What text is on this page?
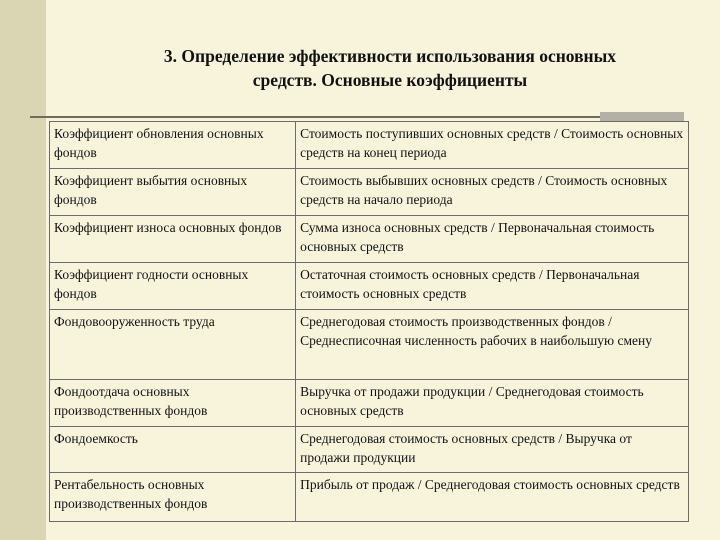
3. Определение эффективности использования основных
средств. Основные коэффициенты
Коэффициент обновления основных фондов	Стоимость поступивших основных средств / Стоимость основных средств на конец периода
Коэффициент выбытия основных фондов	Стоимость выбывших основных средств / Стоимость основных средств на начало периода
Коэффициент износа основных фондов	Сумма износа основных средств / Первоначальная стоимость основных средств
Коэффициент годности основных фондов	Остаточная стоимость основных средств / Первоначальная стоимость основных средств
Фондовооруженность труда	Среднегодовая стоимость производственных фондов / Среднесписочная численность рабочих в наибольшую смену
Фондоотдача основных производственных фондов	Выручка от продажи продукции / Среднегодовая стоимость основных средств
Фондоемкость	Среднегодовая стоимость основных средств / Выручка от продажи продукции
Рентабельность основных производственных фондов	Прибыль от продаж / Среднегодовая стоимость основных средств
